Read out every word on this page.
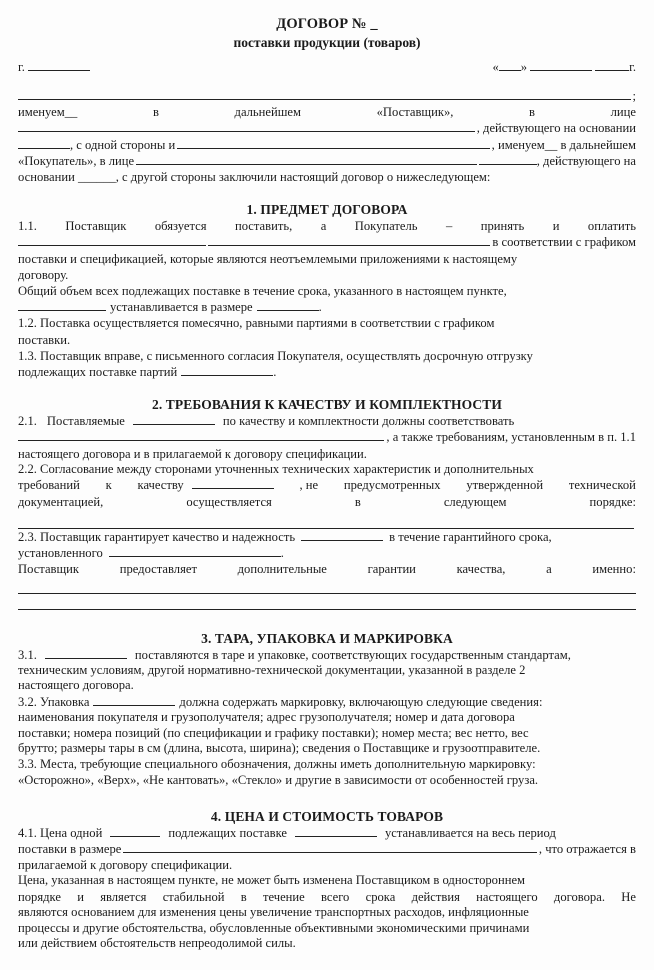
ДОГОВОР № _
поставки продукции (товаров)
г.	« »	г.
;
именуем__	в	дальнейшем	«Поставщик»,	в	лице
, действующего на основании
, с одной стороны и	, именуем__ в дальнейшем
«Покупатель», в лице	, действующего на
основании ______, с другой стороны заключили настоящий договор о нижеследующем:
1. ПРЕДМЕТ ДОГОВОРА
1.1. Поставщик обязуется поставить, а Покупатель – принять и оплатить
в соответствии с графиком
поставки и спецификацией, которые являются неотъемлемыми приложениями к настоящему
договору.
Общий объем всех подлежащих поставке в течение срока, указанного в настоящем пункте,
устанавливается в размере	.
1.2. Поставка осуществляется помесячно, равными партиями в соответствии с графиком
поставки.
1.3. Поставщик вправе, с письменного согласия Покупателя, осуществлять досрочную отгрузку
подлежащих поставке партий	.
2. ТРЕБОВАНИЯ К КАЧЕСТВУ И КОМПЛЕКТНОСТИ
2.1. Поставляемые	по качеству и комплектности должны соответствовать
, а также требованиям, установленным в п. 1.1
настоящего договора и в прилагаемой к договору спецификации.
2.2. Согласование между сторонами уточненных технических характеристик и дополнительных
требований к качеству	, не предусмотренных утвержденной технической
документацией,	осуществляется	в	следующем	порядке:
2.3. Поставщик гарантирует качество и надежность	в течение гарантийного срока,
установленного	.
Поставщик	предоставляет	дополнительные	гарантии	качества,	а	именно:
3. ТАРА, УПАКОВКА И МАРКИРОВКА
3.1.	поставляются в таре и упаковке, соответствующих государственным стандартам,
техническим условиям, другой нормативно-технической документации, указанной в разделе 2
настоящего договора.
3.2. Упаковка	должна содержать маркировку, включающую следующие сведения:
наименования покупателя и грузополучателя; адрес грузополучателя; номер и дата договора
поставки; номера позиций (по спецификации и графику поставки); номер места; вес нетто, вес
брутто; размеры тары в см (длина, высота, ширина); сведения о Поставщике и грузоотправителе.
3.3. Места, требующие специального обозначения, должны иметь дополнительную маркировку:
«Осторожно», «Верх», «Не кантовать», «Стекло» и другие в зависимости от особенностей груза.
4. ЦЕНА И СТОИМОСТЬ ТОВАРОВ
4.1. Цена одной	подлежащих поставке	устанавливается на весь период
поставки в размере	, что отражается в
прилагаемой к договору спецификации.
Цена, указанная в настоящем пункте, не может быть изменена Поставщиком в одностороннем
порядке и является стабильной в течение всего срока действия настоящего договора. Не
являются основанием для изменения цены увеличение транспортных расходов, инфляционные
процессы и другие обстоятельства, обусловленные объективными экономическими причинами
или действием обстоятельств непреодолимой силы.
